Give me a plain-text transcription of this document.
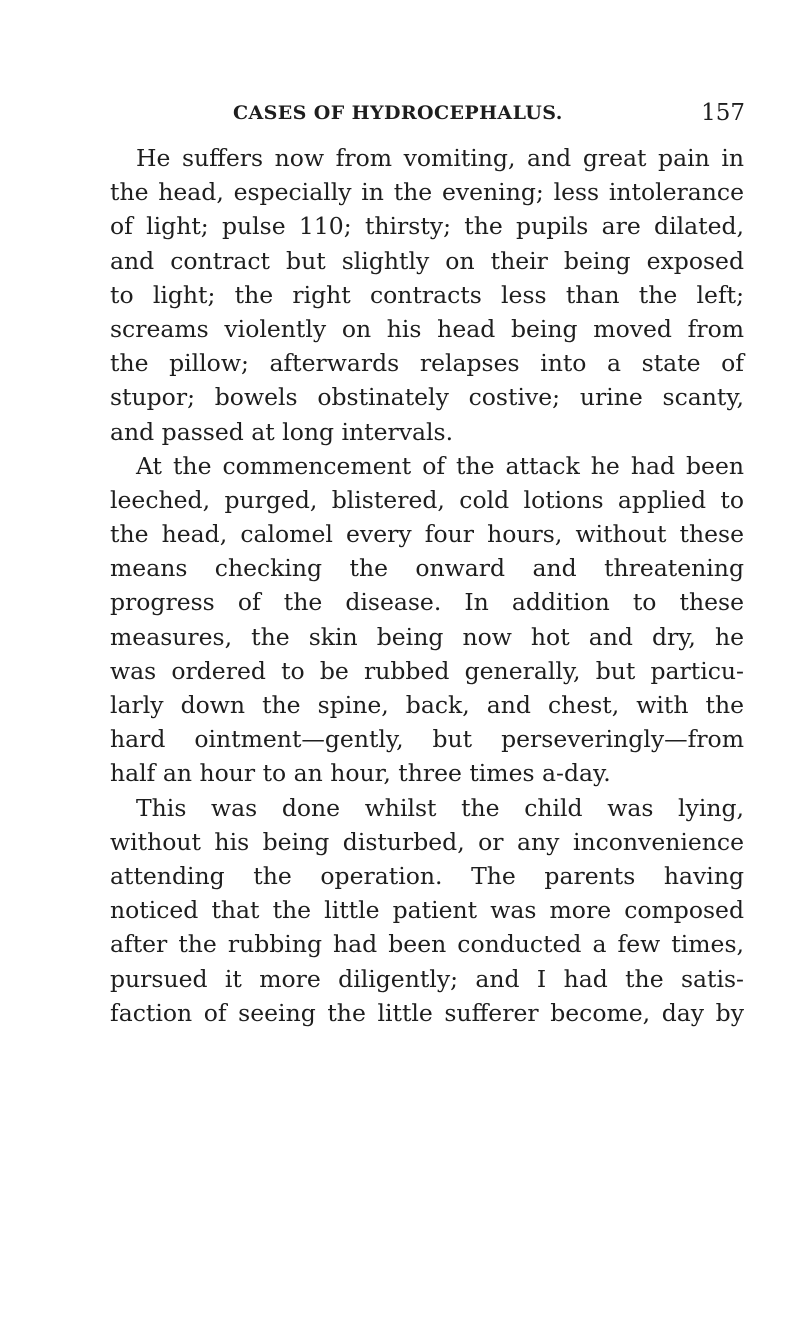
CASES OF HYDROCEPHALUS.	157
He suffers now from vomiting, and great pain in
the head, especially in the evening; less intolerance
of light; pulse 110; thirsty; the pupils are dilated,
and contract but slightly on their being exposed
to light; the right contracts less than the left;
screams violently on his head being moved from
the pillow; afterwards relapses into a state of
stupor; bowels obstinately costive; urine scanty,
and passed at long intervals.
At the commencement of the attack he had been
leeched, purged, blistered, cold lotions applied to
the head, calomel every four hours, without these
means checking the onward and threatening
progress of the disease. In addition to these
measures, the skin being now hot and dry, he
was ordered to be rubbed generally, but particu-
larly down the spine, back, and chest, with the
hard ointment—gently, but perseveringly—from
half an hour to an hour, three times a-day.
This was done whilst the child was lying,
without his being disturbed, or any inconvenience
attending the operation. The parents having
noticed that the little patient was more composed
after the rubbing had been conducted a few times,
pursued it more diligently; and I had the satis-
faction of seeing the little sufferer become, day by
